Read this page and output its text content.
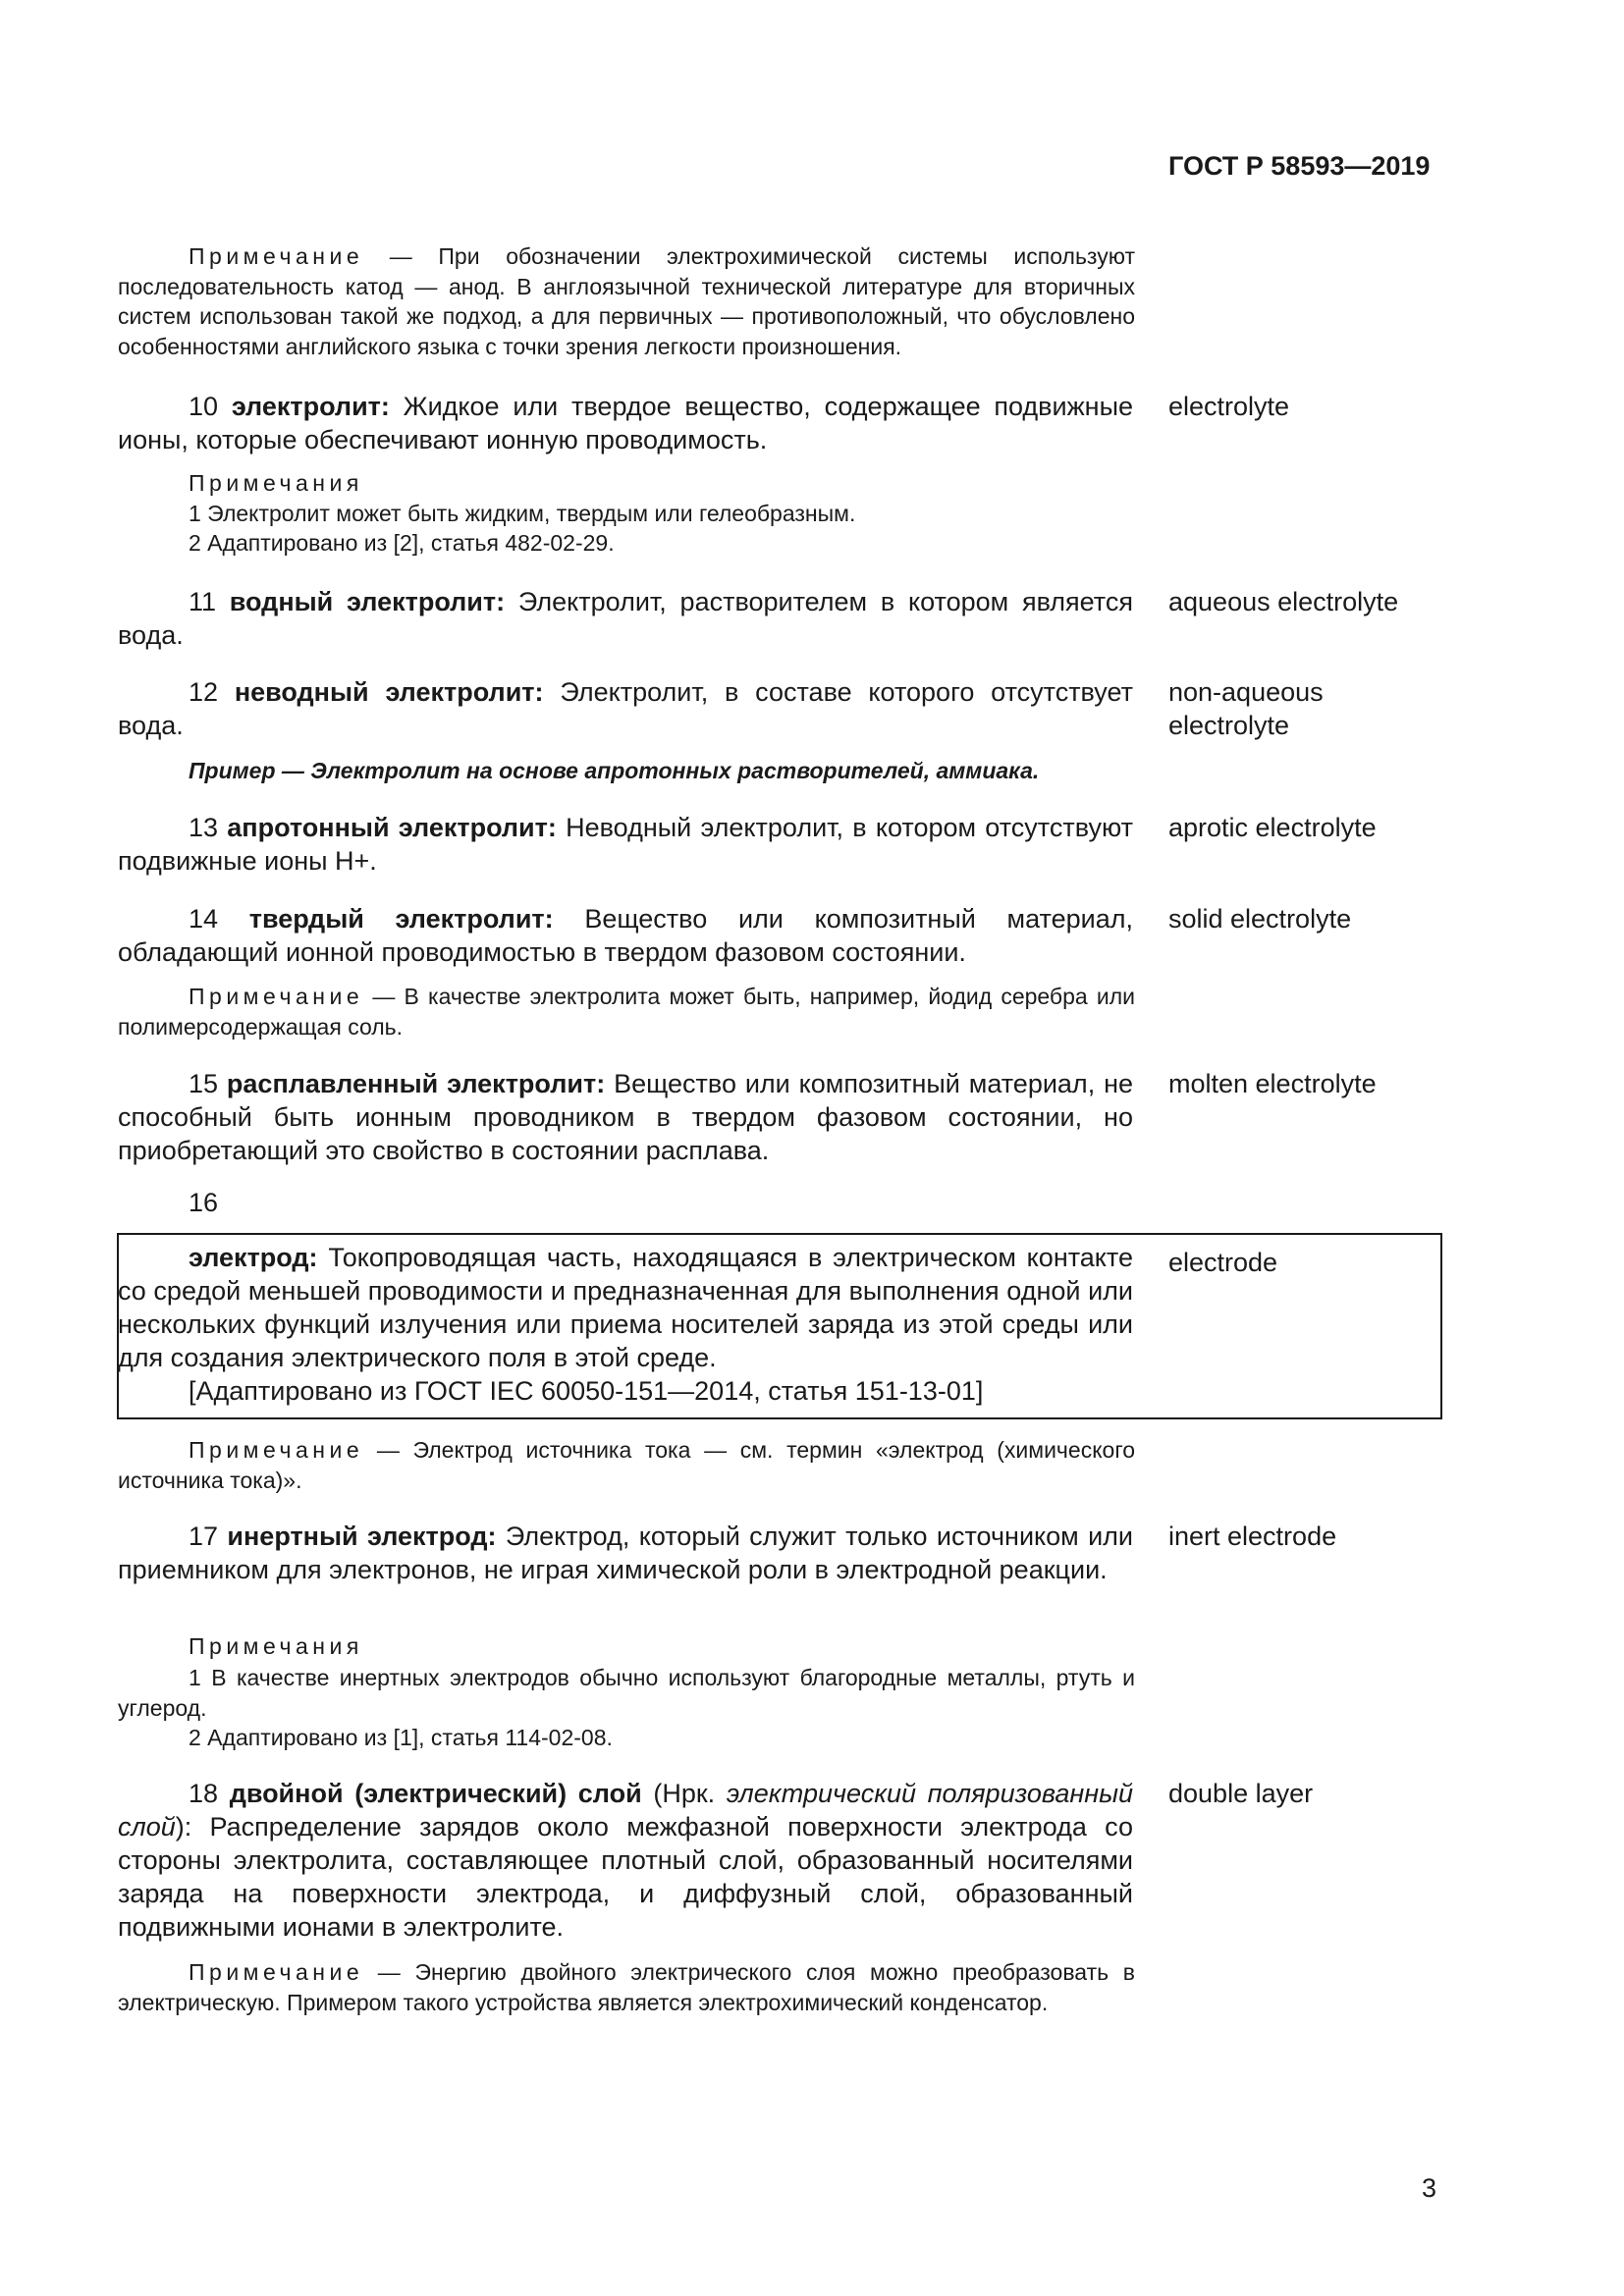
ГОСТ Р 58593—2019
Примечание — При обозначении электрохимической системы используют последовательность катод — анод. В англоязычной технической литературе для вторичных систем использован такой же подход, а для первичных — противоположный, что обусловлено особенностями английского языка с точки зрения легкости произношения.
10 электролит: Жидкое или твердое вещество, содержащее подвижные ионы, которые обеспечивают ионную проводимость.
electrolyte
Примечания
1 Электролит может быть жидким, твердым или гелеобразным.
2 Адаптировано из [2], статья 482-02-29.
11 водный электролит: Электролит, растворителем в котором является вода.
aqueous electrolyte
12 неводный электролит: Электролит, в составе которого отсутствует вода.
non-aqueous electrolyte
Пример — Электролит на основе апротонных растворителей, аммиака.
13 апротонный электролит: Неводный электролит, в котором отсутствуют подвижные ионы H+.
aprotic electrolyte
14 твердый электролит: Вещество или композитный материал, обладающий ионной проводимостью в твердом фазовом состоянии.
solid electrolyte
Примечание — В качестве электролита может быть, например, йодид серебра или полимерсодержащая соль.
15 расплавленный электролит: Вещество или композитный материал, не способный быть ионным проводником в твердом фазовом состоянии, но приобретающий это свойство в состоянии расплава.
molten electrolyte
16
электрод: Токопроводящая часть, находящаяся в электрическом контакте со средой меньшей проводимости и предназначенная для выполнения одной или нескольких функций излучения или приема носителей заряда из этой среды или для создания электрического поля в этой среде.
[Адаптировано из ГОСТ IEC 60050-151—2014, статья 151-13-01]
electrode
Примечание — Электрод источника тока — см. термин «электрод (химического источника тока)».
17 инертный электрод: Электрод, который служит только источником или приемником для электронов, не играя химической роли в электродной реакции.
inert electrode
Примечания
1 В качестве инертных электродов обычно используют благородные металлы, ртуть и углерод.
2 Адаптировано из [1], статья 114-02-08.
18 двойной (электрический) слой (Нрк. электрический поляризованный слой): Распределение зарядов около межфазной поверхности электрода со стороны электролита, составляющее плотный слой, образованный носителями заряда на поверхности электрода, и диффузный слой, образованный подвижными ионами в электролите.
double layer
Примечание — Энергию двойного электрического слоя можно преобразовать в электрическую. Примером такого устройства является электрохимический конденсатор.
3
